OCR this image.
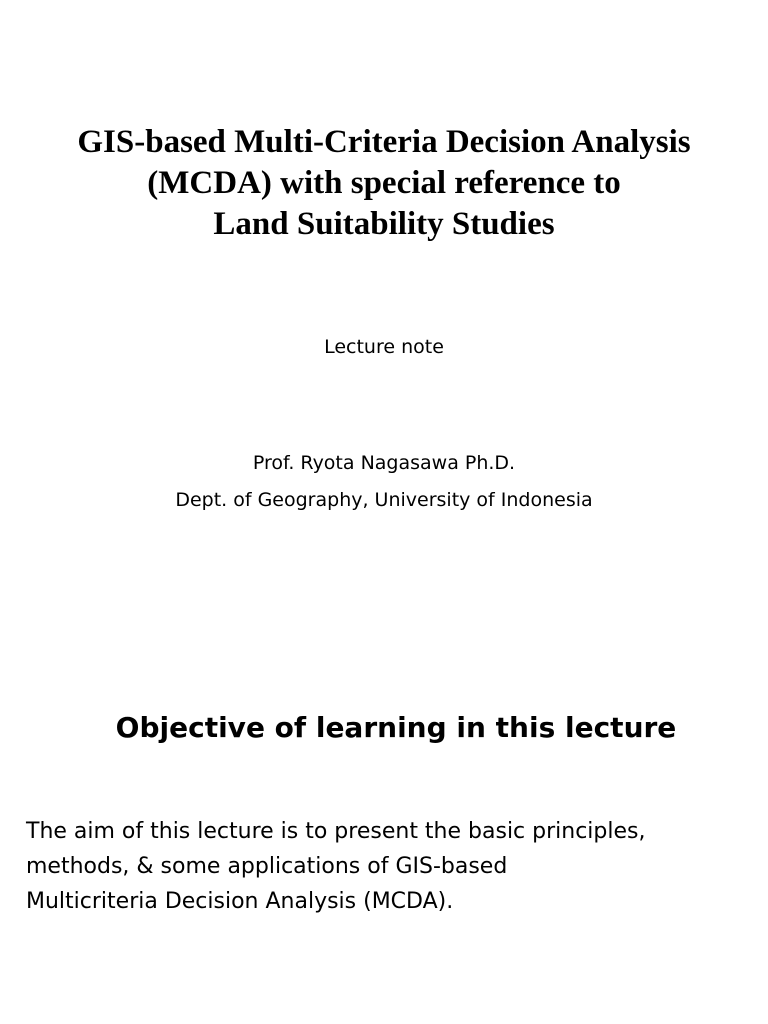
GIS-based Multi-Criteria Decision Analysis
(MCDA) with special reference to
Land Suitability Studies
Lecture note
Prof. Ryota Nagasawa Ph.D.
Dept. of Geography, University of Indonesia
Objective of learning in this lecture

The aim of this lecture is to present the basic principles,
methods, & some applications of GIS-based
Multicriteria Decision Analysis (MCDA).
